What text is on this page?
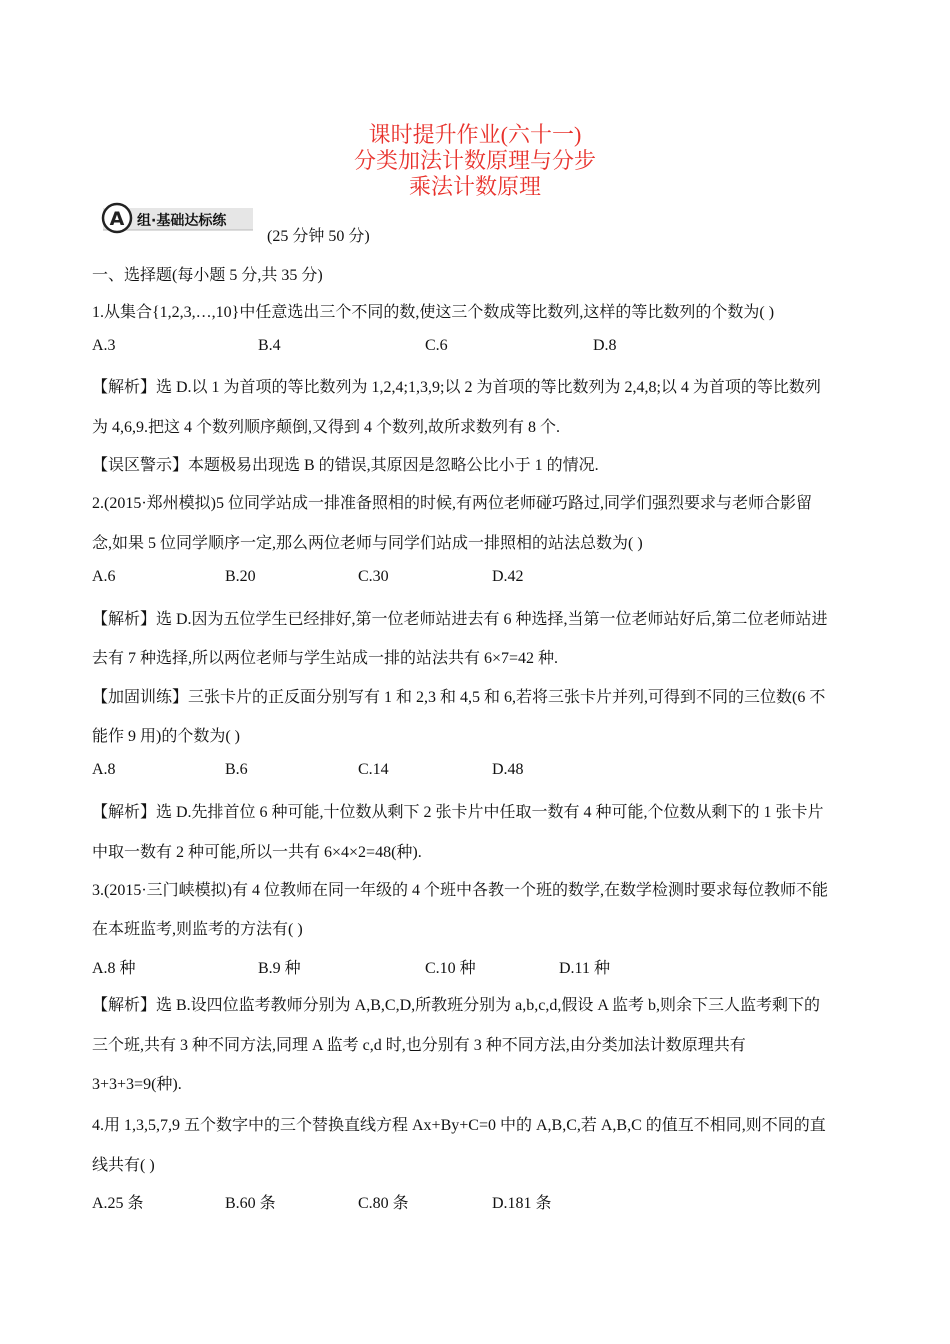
课时提升作业(六十一)
分类加法计数原理与分步
乘法计数原理
A 组·基础达标练
(25 分钟 50 分)
一、选择题(每小题 5 分,共 35 分)
1.从集合{1,2,3,…,10}中任意选出三个不同的数,使这三个数成等比数列,这样的等比数列的个数为( )
A.3	B.4	C.6	D.8
【解析】选 D.以 1 为首项的等比数列为 1,2,4;1,3,9;以 2 为首项的等比数列为 2,4,8;以 4 为首项的等比数列
为 4,6,9.把这 4 个数列顺序颠倒,又得到 4 个数列,故所求数列有 8 个.
【误区警示】本题极易出现选 B 的错误,其原因是忽略公比小于 1 的情况.
2.(2015·郑州模拟)5 位同学站成一排准备照相的时候,有两位老师碰巧路过,同学们强烈要求与老师合影留
念,如果 5 位同学顺序一定,那么两位老师与同学们站成一排照相的站法总数为( )
A.6	B.20	C.30	D.42
【解析】选 D.因为五位学生已经排好,第一位老师站进去有 6 种选择,当第一位老师站好后,第二位老师站进
去有 7 种选择,所以两位老师与学生站成一排的站法共有 6×7=42 种.
【加固训练】三张卡片的正反面分别写有 1 和 2,3 和 4,5 和 6,若将三张卡片并列,可得到不同的三位数(6 不
能作 9 用)的个数为( )
A.8	B.6	C.14	D.48
【解析】选 D.先排首位 6 种可能,十位数从剩下 2 张卡片中任取一数有 4 种可能,个位数从剩下的 1 张卡片
中取一数有 2 种可能,所以一共有 6×4×2=48(种).
3.(2015·三门峡模拟)有 4 位教师在同一年级的 4 个班中各教一个班的数学,在数学检测时要求每位教师不能
在本班监考,则监考的方法有( )
A.8 种	B.9 种	C.10 种	D.11 种
【解析】选 B.设四位监考教师分别为 A,B,C,D,所教班分别为 a,b,c,d,假设 A 监考 b,则余下三人监考剩下的
三个班,共有 3 种不同方法,同理 A 监考 c,d 时,也分别有 3 种不同方法,由分类加法计数原理共有
3+3+3=9(种).
4.用 1,3,5,7,9 五个数字中的三个替换直线方程 Ax+By+C=0 中的 A,B,C,若 A,B,C 的值互不相同,则不同的直
线共有( )
A.25 条	B.60 条	C.80 条	D.181 条
